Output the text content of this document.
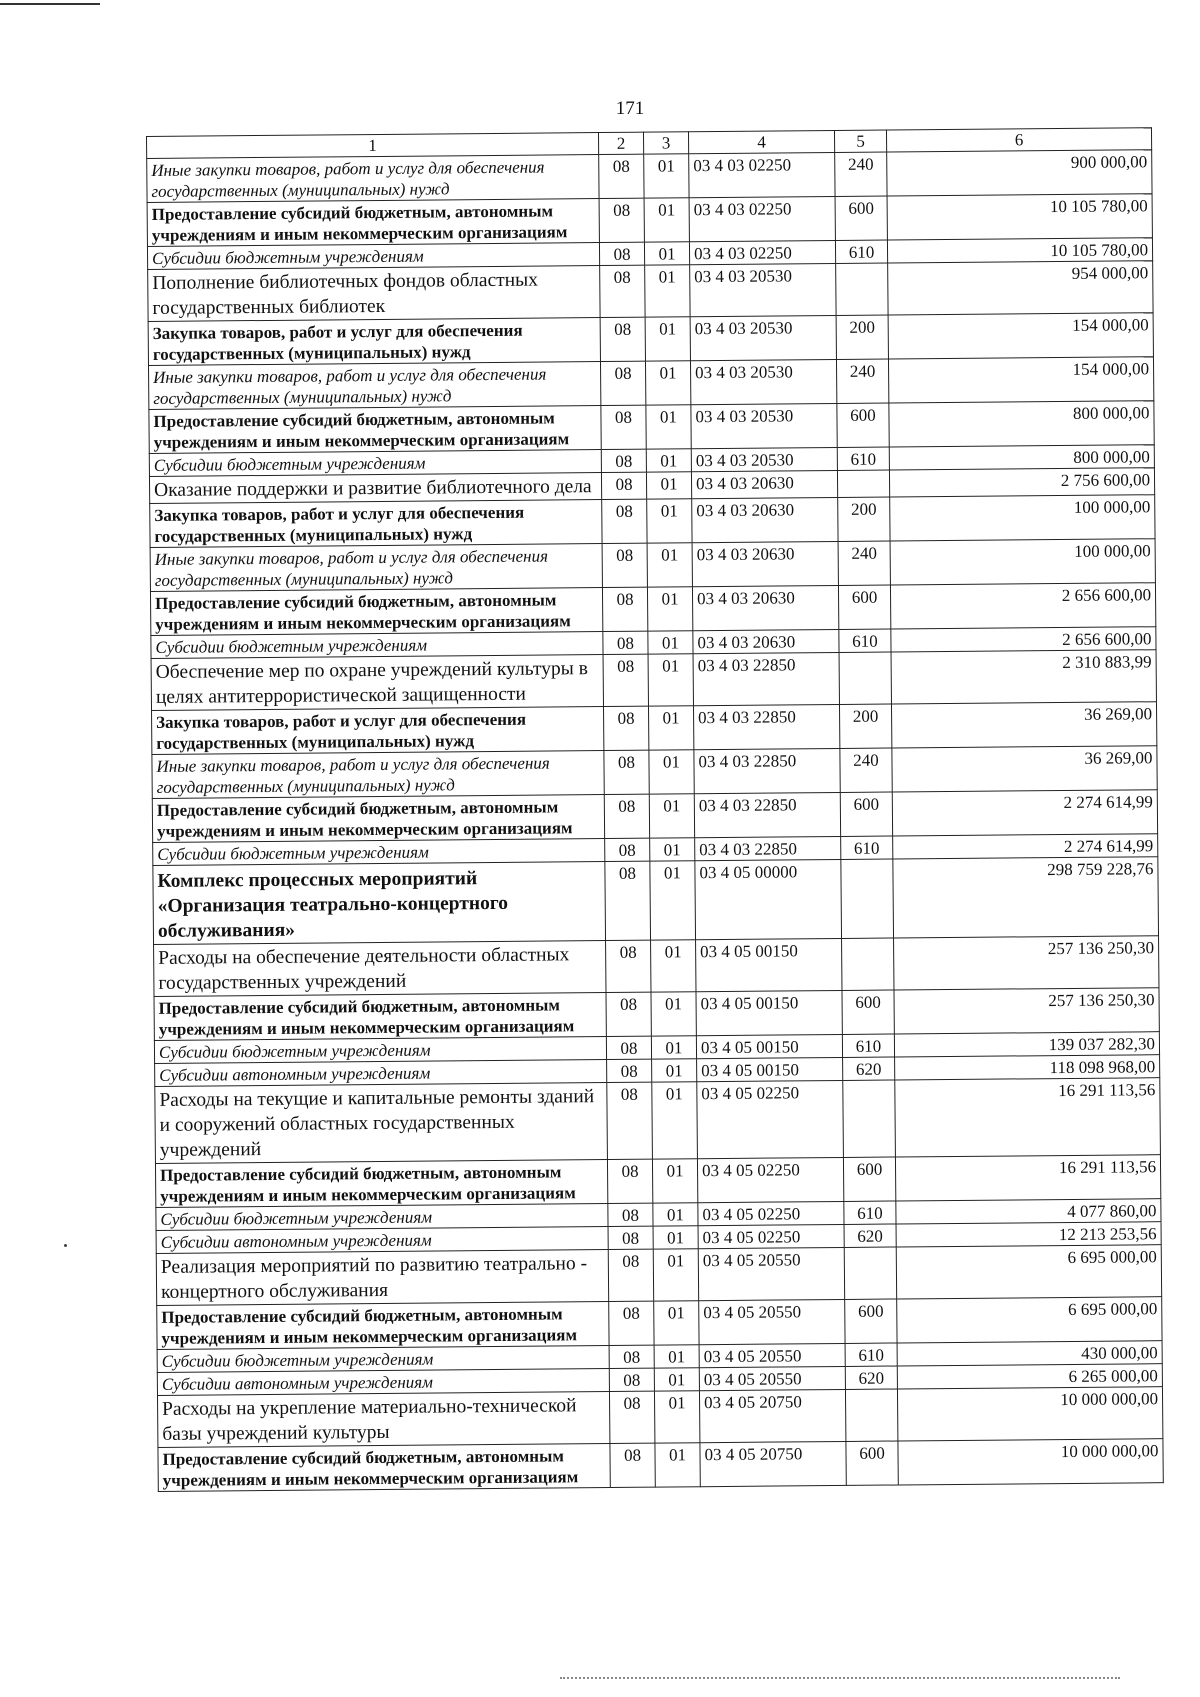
171
1	2	3	4	5	6
Иные закупки товаров, работ и услуг для обеспечения государственных (муниципальных) нужд	08	01	03 4 03 02250	240	900 000,00
Предоставление субсидий бюджетным, автономным учреждениям и иным некоммерческим организациям	08	01	03 4 03 02250	600	10 105 780,00
Субсидии бюджетным учреждениям	08	01	03 4 03 02250	610	10 105 780,00
Пополнение библиотечных фондов областных государственных библиотек	08	01	03 4 03 20530		954 000,00
Закупка товаров, работ и услуг для обеспечения государственных (муниципальных) нужд	08	01	03 4 03 20530	200	154 000,00
Иные закупки товаров, работ и услуг для обеспечения государственных (муниципальных) нужд	08	01	03 4 03 20530	240	154 000,00
Предоставление субсидий бюджетным, автономным учреждениям и иным некоммерческим организациям	08	01	03 4 03 20530	600	800 000,00
Субсидии бюджетным учреждениям	08	01	03 4 03 20530	610	800 000,00
Оказание поддержки и развитие библиотечного дела	08	01	03 4 03 20630		2 756 600,00
Закупка товаров, работ и услуг для обеспечения государственных (муниципальных) нужд	08	01	03 4 03 20630	200	100 000,00
Иные закупки товаров, работ и услуг для обеспечения государственных (муниципальных) нужд	08	01	03 4 03 20630	240	100 000,00
Предоставление субсидий бюджетным, автономным учреждениям и иным некоммерческим организациям	08	01	03 4 03 20630	600	2 656 600,00
Субсидии бюджетным учреждениям	08	01	03 4 03 20630	610	2 656 600,00
Обеспечение мер по охране учреждений культуры в целях антитеррористической защищенности	08	01	03 4 03 22850		2 310 883,99
Закупка товаров, работ и услуг для обеспечения государственных (муниципальных) нужд	08	01	03 4 03 22850	200	36 269,00
Иные закупки товаров, работ и услуг для обеспечения государственных (муниципальных) нужд	08	01	03 4 03 22850	240	36 269,00
Предоставление субсидий бюджетным, автономным учреждениям и иным некоммерческим организациям	08	01	03 4 03 22850	600	2 274 614,99
Субсидии бюджетным учреждениям	08	01	03 4 03 22850	610	2 274 614,99
Комплекс процессных мероприятий «Организация театрально-концертного обслуживания»	08	01	03 4 05 00000		298 759 228,76
Расходы на обеспечение деятельности областных государственных учреждений	08	01	03 4 05 00150		257 136 250,30
Предоставление субсидий бюджетным, автономным учреждениям и иным некоммерческим организациям	08	01	03 4 05 00150	600	257 136 250,30
Субсидии бюджетным учреждениям	08	01	03 4 05 00150	610	139 037 282,30
Субсидии автономным учреждениям	08	01	03 4 05 00150	620	118 098 968,00
Расходы на текущие и капитальные ремонты зданий и сооружений областных государственных учреждений	08	01	03 4 05 02250		16 291 113,56
Предоставление субсидий бюджетным, автономным учреждениям и иным некоммерческим организациям	08	01	03 4 05 02250	600	16 291 113,56
Субсидии бюджетным учреждениям	08	01	03 4 05 02250	610	4 077 860,00
Субсидии автономным учреждениям	08	01	03 4 05 02250	620	12 213 253,56
Реализация мероприятий по развитию театрально - концертного обслуживания	08	01	03 4 05 20550		6 695 000,00
Предоставление субсидий бюджетным, автономным учреждениям и иным некоммерческим организациям	08	01	03 4 05 20550	600	6 695 000,00
Субсидии бюджетным учреждениям	08	01	03 4 05 20550	610	430 000,00
Субсидии автономным учреждениям	08	01	03 4 05 20550	620	6 265 000,00
Расходы на укрепление материально-технической базы учреждений культуры	08	01	03 4 05 20750		10 000 000,00
Предоставление субсидий бюджетным, автономным учреждениям и иным некоммерческим организациям	08	01	03 4 05 20750	600	10 000 000,00
